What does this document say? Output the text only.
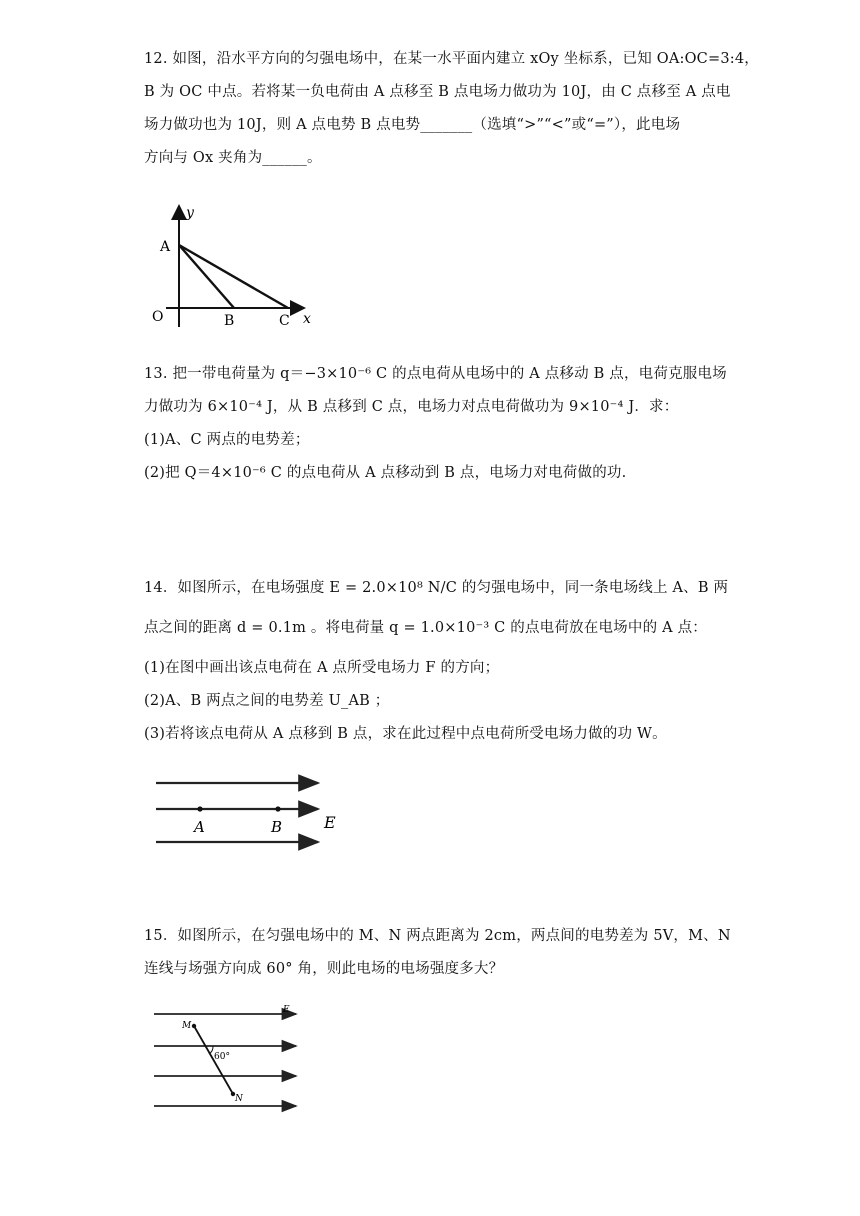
12. 如图，沿水平方向的匀强电场中，在某一水平面内建立 xOy 坐标系，已知 OA:OC=3:4，
B 为 OC 中点。若将某一负电荷由 A 点移至 B 点电场力做功为 10J，由 C 点移至 A 点电
场力做功也为 10J，则 A 点电势 B 点电势_______（选填“>”“<”或“=”），此电场
方向与 Ox 夹角为______。
y
A
O	B	C x
13. 把一带电荷量为 q＝−3×10⁻⁶ C 的点电荷从电场中的 A 点移动 B 点，电荷克服电场
力做功为 6×10⁻⁴ J，从 B 点移到 C 点，电场力对点电荷做功为 9×10⁻⁴ J．求：
(1)A、C 两点的电势差；
(2)把 Q＝4×10⁻⁶ C 的点电荷从 A 点移动到 B 点，电场力对电荷做的功.
14．如图所示，在电场强度 E = 2.0×10⁸ N/C 的匀强电场中，同一条电场线上 A、B 两
点之间的距离 d = 0.1m 。将电荷量 q = 1.0×10⁻³ C 的点电荷放在电场中的 A 点：
(1)在图中画出该点电荷在 A 点所受电场力 F 的方向；
(2)A、B 两点之间的电势差 U_AB ；
(3)若将该点电荷从 A 点移到 B 点，求在此过程中点电荷所受电场力做的功 W。
A	B	E
15．如图所示，在匀强电场中的 M、N 两点距离为 2cm，两点间的电势差为 5V，M、N
连线与场强方向成 60° 角，则此电场的电场强度多大？
E
M
60°
N
